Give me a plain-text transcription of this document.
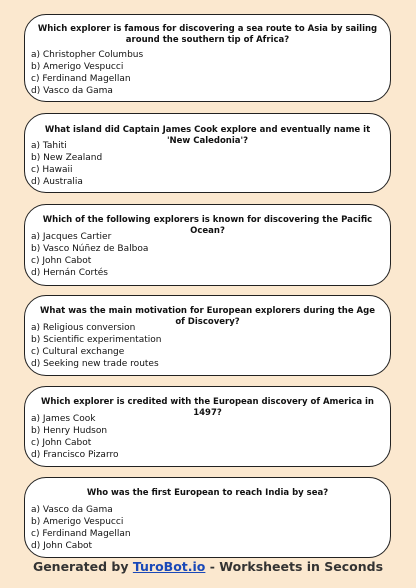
Which explorer is famous for discovering a sea route to Asia by sailing around the southern tip of Africa?
a) Christopher Columbus
b) Amerigo Vespucci
c) Ferdinand Magellan
d) Vasco da Gama
What island did Captain James Cook explore and eventually name it 'New Caledonia'?
a) Tahiti
b) New Zealand
c) Hawaii
d) Australia
Which of the following explorers is known for discovering the Pacific Ocean?
a) Jacques Cartier
b) Vasco Núñez de Balboa
c) John Cabot
d) Hernán Cortés
What was the main motivation for European explorers during the Age of Discovery?
a) Religious conversion
b) Scientific experimentation
c) Cultural exchange
d) Seeking new trade routes
Which explorer is credited with the European discovery of America in 1497?
a) James Cook
b) Henry Hudson
c) John Cabot
d) Francisco Pizarro
Who was the first European to reach India by sea?
a) Vasco da Gama
b) Amerigo Vespucci
c) Ferdinand Magellan
d) John Cabot
Generated by TuroBot.io - Worksheets in Seconds
